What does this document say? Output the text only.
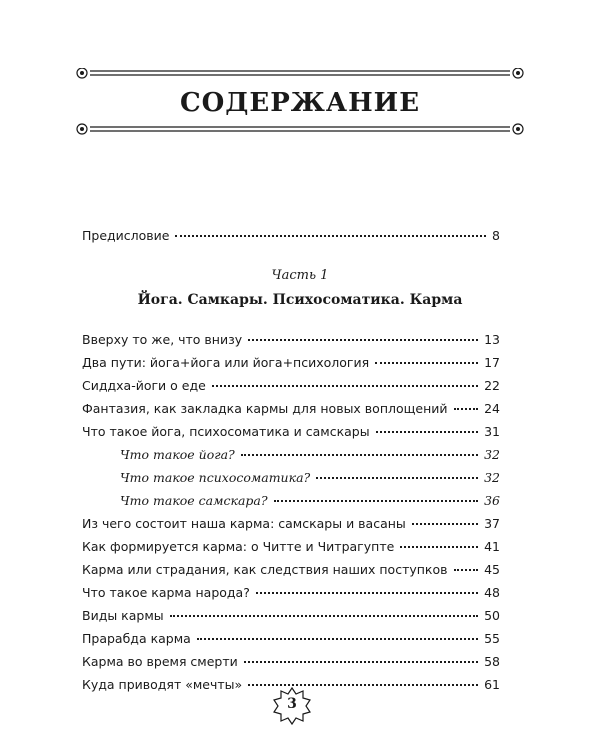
СОДЕРЖАНИЕ
Предисловие	8
Часть 1
Йога. Самкары. Психосоматика. Карма
Вверху то же, что внизу	13
Два пути: йога+йога или йога+психология	17
Сиддха-йоги о еде	22
Фантазия, как закладка кармы для новых воплощений	24
Что такое йога, психосоматика и самскары	31
Что такое йога?	32
Что такое психосоматика?	32
Что такое самскара?	36
Из чего состоит наша карма: самскары и васаны	37
Как формируется карма: о Читте и Читрагупте	41
Карма или страдания, как следствия наших поступков	45
Что такое карма народа?	48
Виды кармы	50
Прарабда карма	55
Карма во время смерти	58
Куда приводят «мечты»	61
3
